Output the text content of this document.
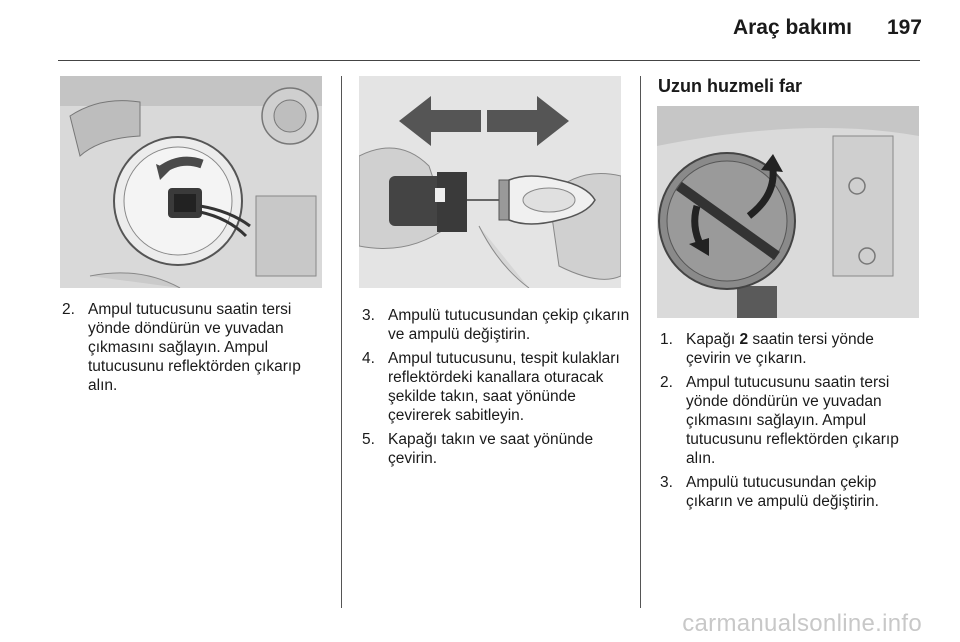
Araç bakımı 197
2. Ampul tutucusunu saatin tersi yönde döndürün ve yuvadan çıkmasını sağlayın. Ampul tutucusunu reflektörden çıkarıp alın.
3. Ampulü tutucusundan çekip çıkarın ve ampulü değiştirin.
4. Ampul tutucusunu, tespit kulakları reflektördeki kanallara oturacak şekilde takın, saat yönünde çevirerek sabitleyin.
5. Kapağı takın ve saat yönünde çevirin.
Uzun huzmeli far
1. Kapağı 2 saatin tersi yönde çevirin ve çıkarın.
2. Ampul tutucusunu saatin tersi yönde döndürün ve yuvadan çıkmasını sağlayın. Ampul tutucusunu reflektörden çıkarıp alın.
3. Ampulü tutucusundan çekip çıkarın ve ampulü değiştirin.
carmanualsonline.info
